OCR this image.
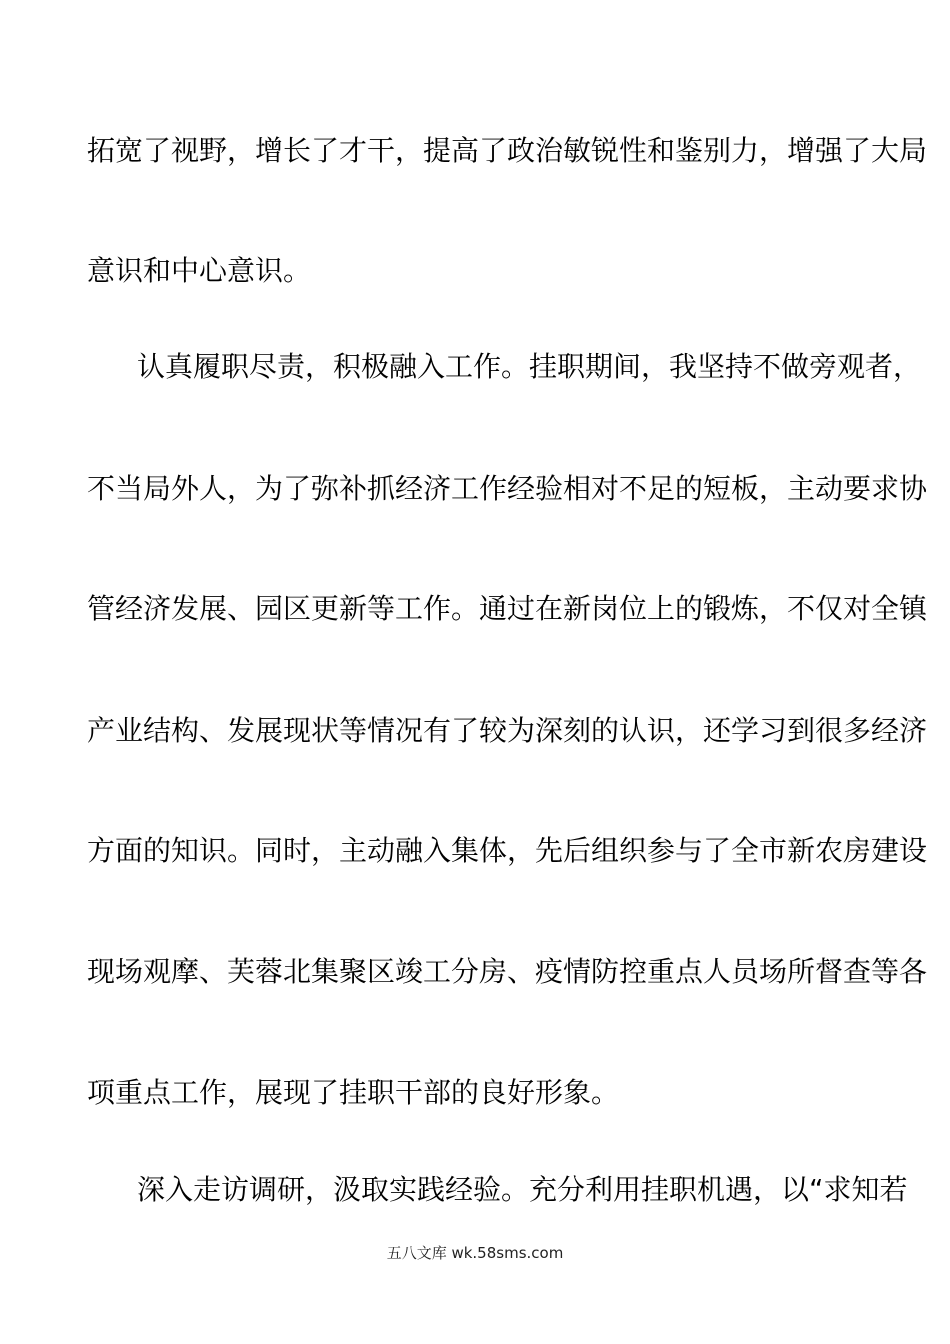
拓宽了视野，增长了才干，提高了政治敏锐性和鉴别力，增强了大局
意识和中心意识。
认真履职尽责，积极融入工作。挂职期间，我坚持不做旁观者，
不当局外人，为了弥补抓经济工作经验相对不足的短板，主动要求协
管经济发展、园区更新等工作。通过在新岗位上的锻炼，不仅对全镇
产业结构、发展现状等情况有了较为深刻的认识，还学习到很多经济
方面的知识。同时，主动融入集体，先后组织参与了全市新农房建设
现场观摩、芙蓉北集聚区竣工分房、疫情防控重点人员场所督查等各
项重点工作，展现了挂职干部的良好形象。
深入走访调研，汲取实践经验。充分利用挂职机遇，以“求知若
五八文库 wk.58sms.com
